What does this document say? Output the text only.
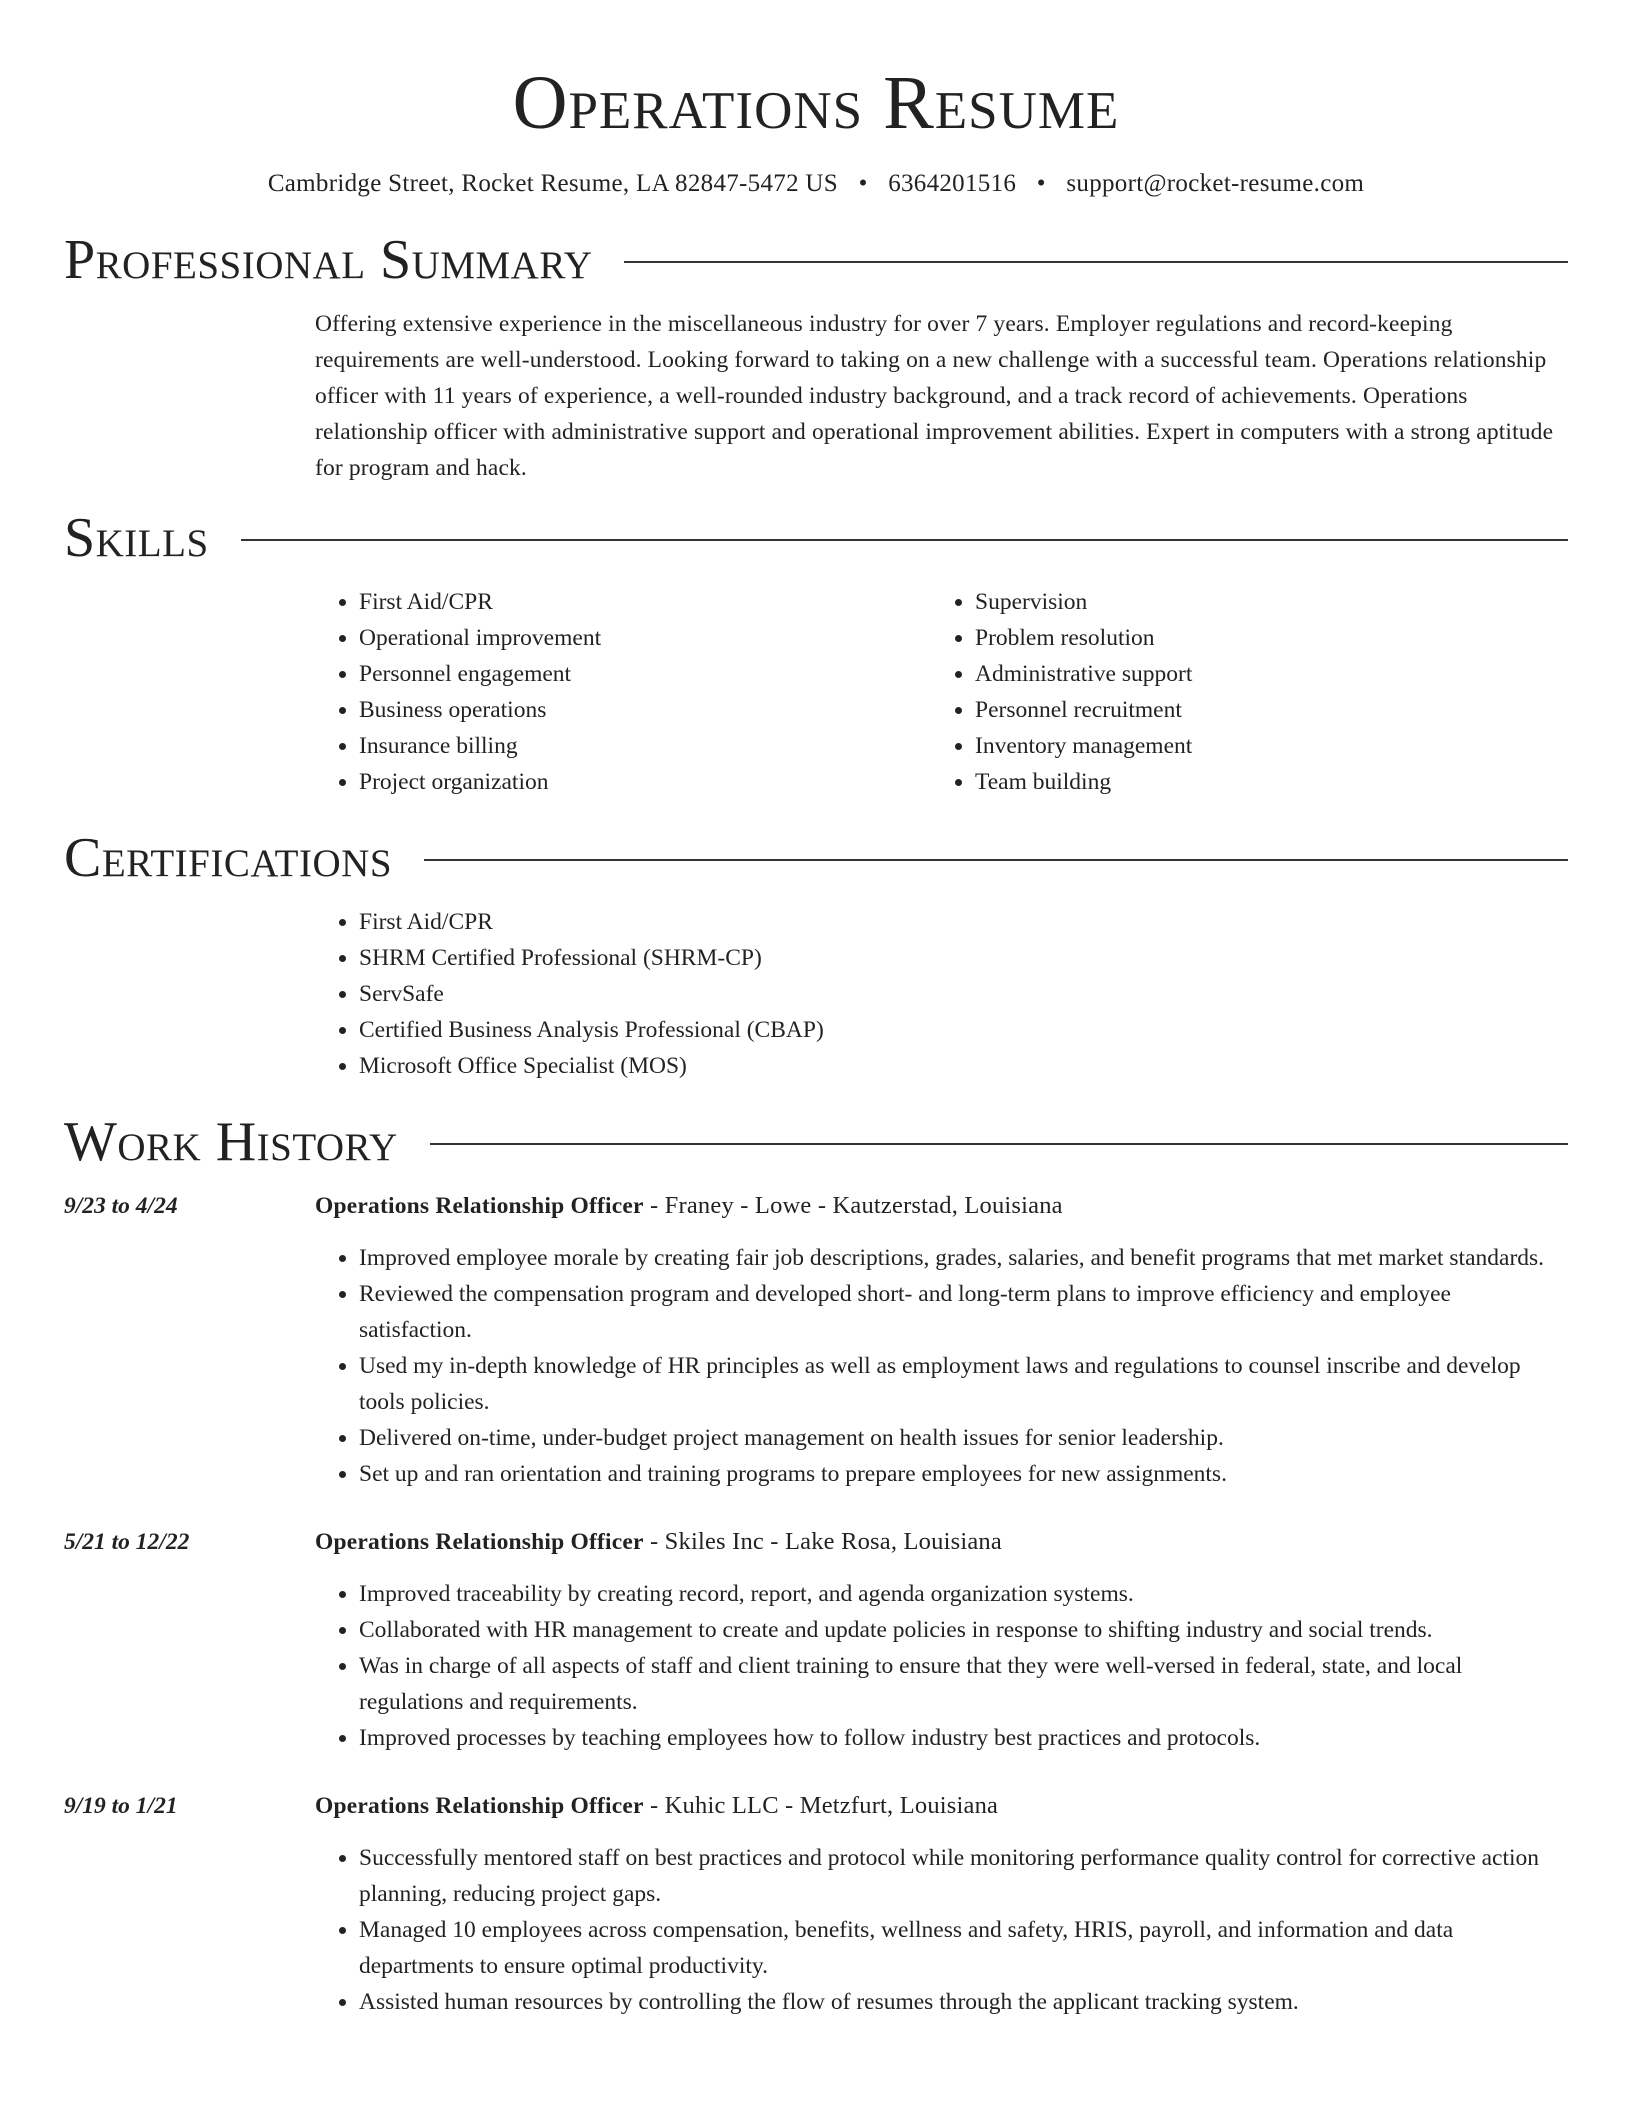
Operations Resume
Cambridge Street, Rocket Resume, LA 82847-5472 US • 6364201516 • support@rocket-resume.com
Professional Summary

Offering extensive experience in the miscellaneous industry for over 7 years. Employer regulations and record-keeping requirements are well-understood. Looking forward to taking on a new challenge with a successful team. Operations relationship officer with 11 years of experience, a well-rounded industry background, and a track record of achievements. Operations relationship officer with administrative support and operational improvement abilities. Expert in computers with a strong aptitude for program and hack.

Skills
• First Aid/CPR
• Operational improvement
• Personnel engagement
• Business operations
• Insurance billing
• Project organization
• Supervision
• Problem resolution
• Administrative support
• Personnel recruitment
• Inventory management
• Team building
Certifications
• First Aid/CPR
• SHRM Certified Professional (SHRM-CP)
• ServSafe
• Certified Business Analysis Professional (CBAP)
• Microsoft Office Specialist (MOS)
Work History
9/23 to 4/24	Operations Relationship Officer - Franey - Lowe - Kautzerstad, Louisiana
• Improved employee morale by creating fair job descriptions, grades, salaries, and benefit programs that met market standards.
• Reviewed the compensation program and developed short- and long-term plans to improve efficiency and employee satisfaction.
• Used my in-depth knowledge of HR principles as well as employment laws and regulations to counsel inscribe and develop tools policies.
• Delivered on-time, under-budget project management on health issues for senior leadership.
• Set up and ran orientation and training programs to prepare employees for new assignments.
5/21 to 12/22	Operations Relationship Officer - Skiles Inc - Lake Rosa, Louisiana
• Improved traceability by creating record, report, and agenda organization systems.
• Collaborated with HR management to create and update policies in response to shifting industry and social trends.
• Was in charge of all aspects of staff and client training to ensure that they were well-versed in federal, state, and local regulations and requirements.
• Improved processes by teaching employees how to follow industry best practices and protocols.
9/19 to 1/21	Operations Relationship Officer - Kuhic LLC - Metzfurt, Louisiana
• Successfully mentored staff on best practices and protocol while monitoring performance quality control for corrective action planning, reducing project gaps.
• Managed 10 employees across compensation, benefits, wellness and safety, HRIS, payroll, and information and data departments to ensure optimal productivity.
• Assisted human resources by controlling the flow of resumes through the applicant tracking system.
